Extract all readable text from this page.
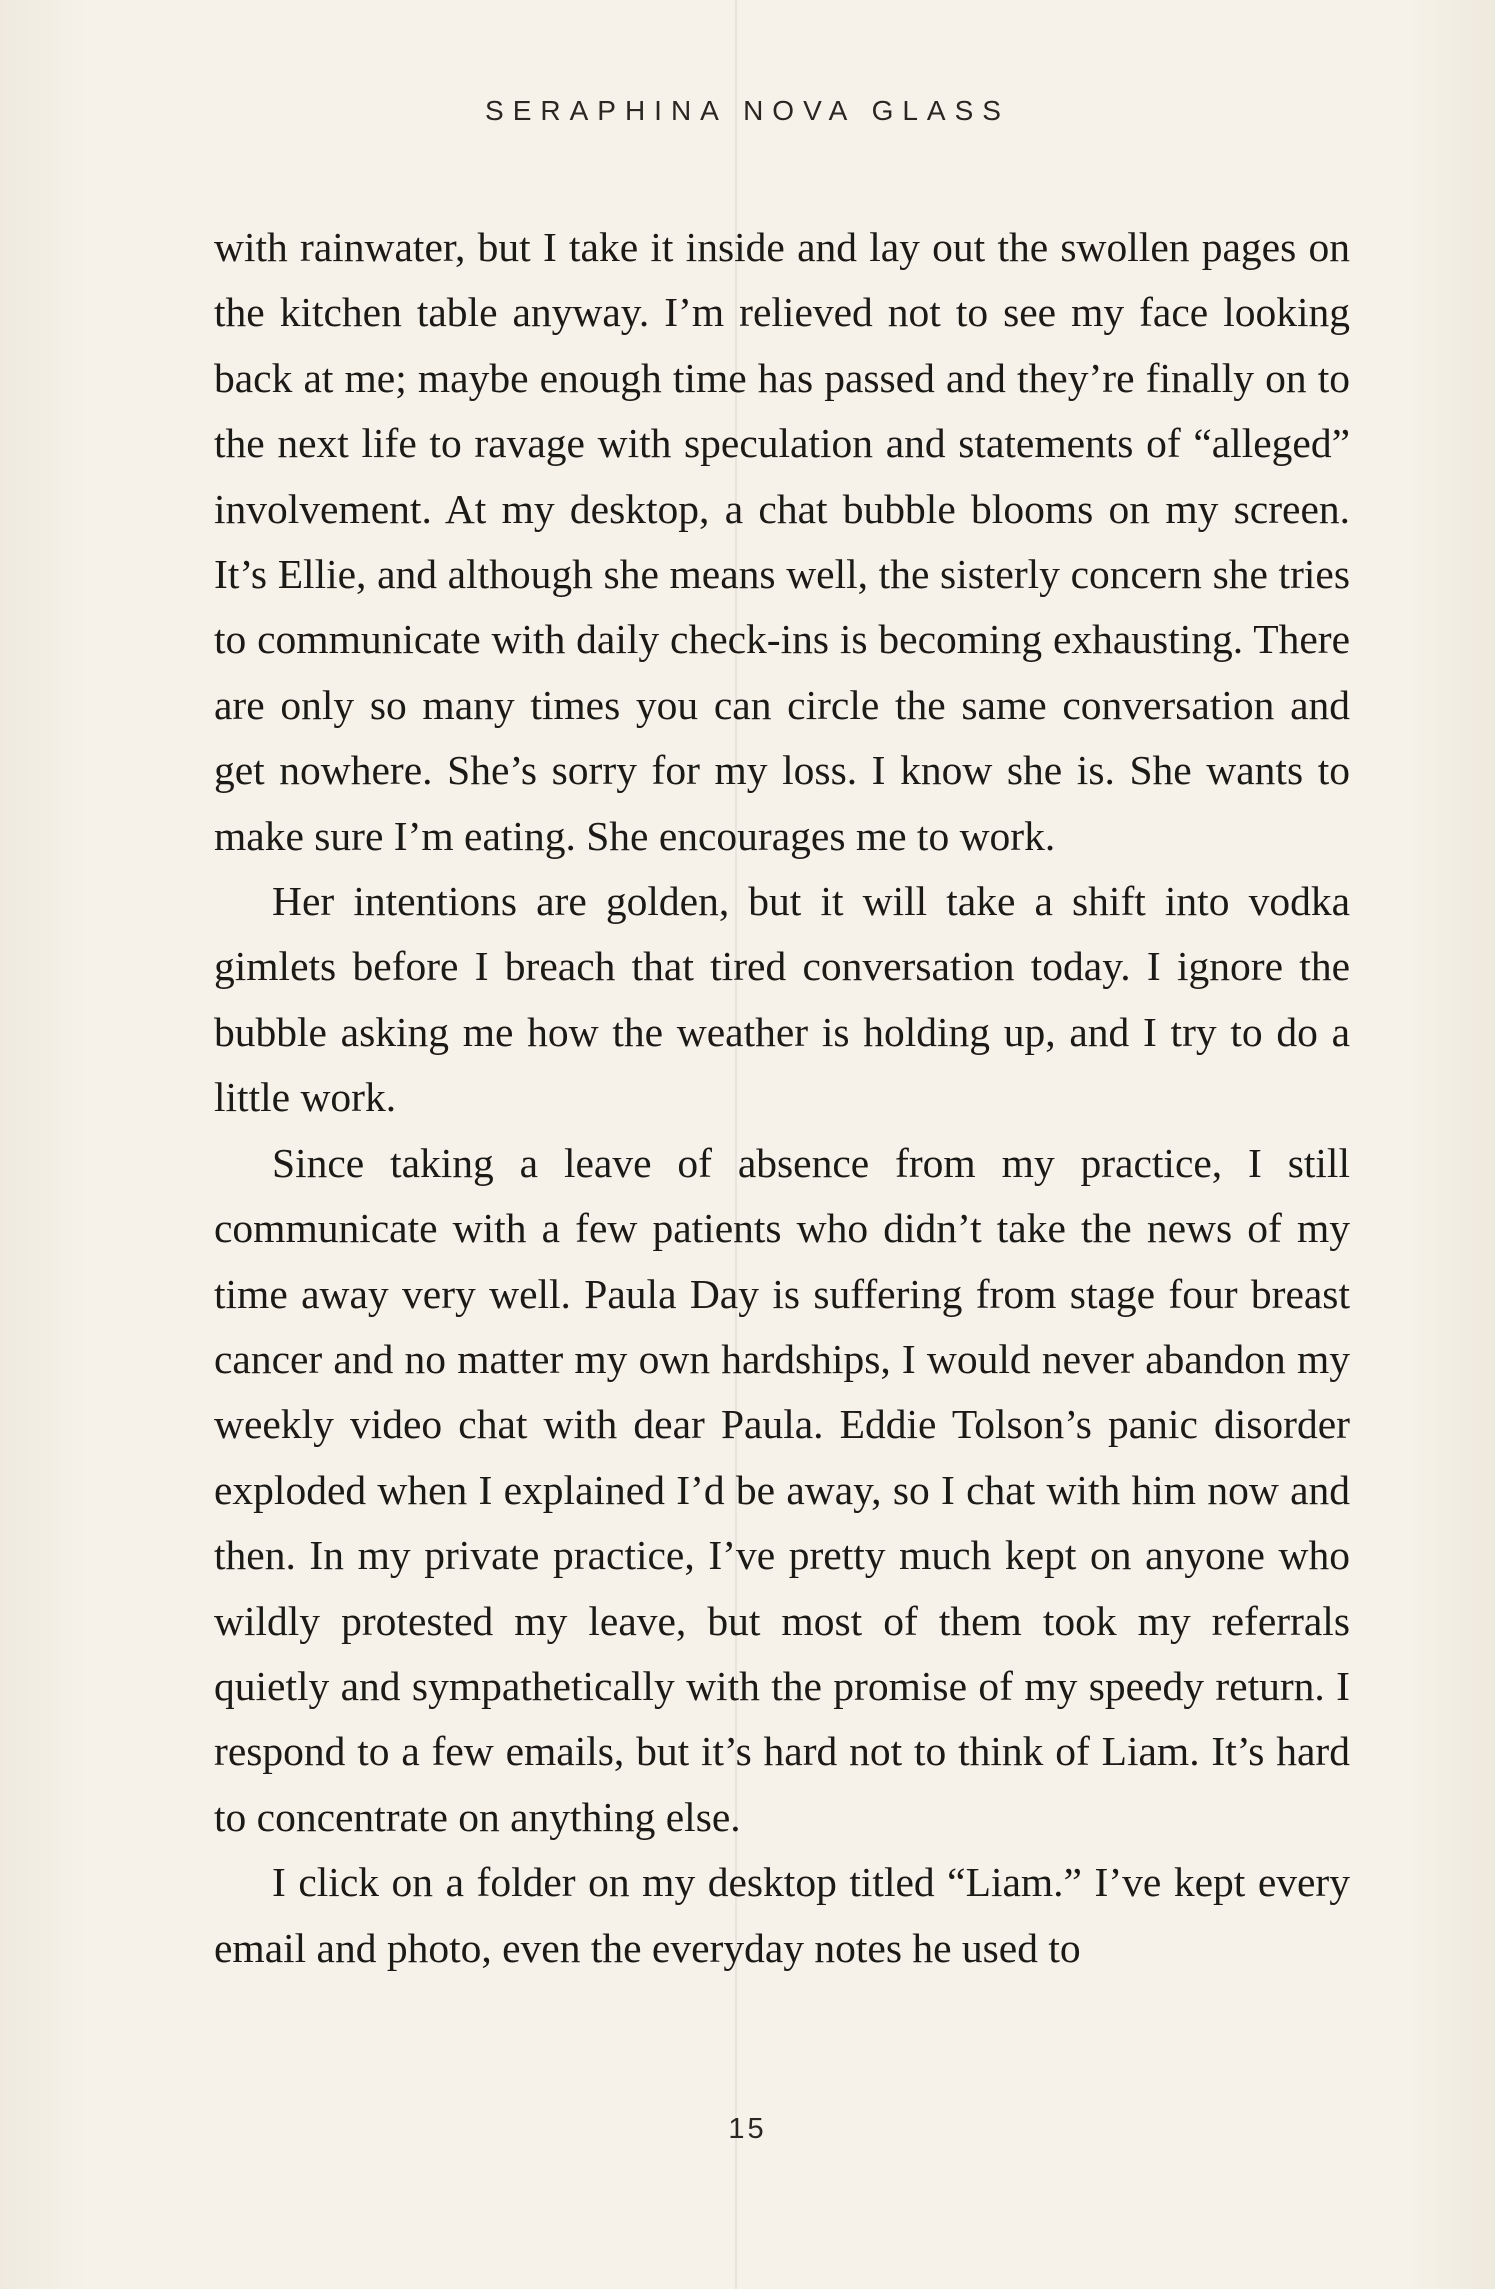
SERAPHINA NOVA GLASS

with rainwater, but I take it inside and lay out the swollen pages on the kitchen table anyway. I’m relieved not to see my face looking back at me; maybe enough time has passed and they’re finally on to the next life to ravage with speculation and statements of “alleged” involvement. At my desktop, a chat bubble blooms on my screen. It’s Ellie, and although she means well, the sisterly concern she tries to communicate with daily check-ins is becoming exhausting. There are only so many times you can circle the same conversation and get nowhere. She’s sorry for my loss. I know she is. She wants to make sure I’m eating. She encourages me to work.

Her intentions are golden, but it will take a shift into vodka gimlets before I breach that tired conversation today. I ignore the bubble asking me how the weather is holding up, and I try to do a little work.

Since taking a leave of absence from my practice, I still communicate with a few patients who didn’t take the news of my time away very well. Paula Day is suffering from stage four breast cancer and no matter my own hardships, I would never abandon my weekly video chat with dear Paula. Eddie Tolson’s panic disorder exploded when I explained I’d be away, so I chat with him now and then. In my private practice, I’ve pretty much kept on anyone who wildly protested my leave, but most of them took my referrals quietly and sympathetically with the promise of my speedy return. I respond to a few emails, but it’s hard not to think of Liam. It’s hard to concentrate on anything else.

I click on a folder on my desktop titled “Liam.” I’ve kept every email and photo, even the everyday notes he used to

15
